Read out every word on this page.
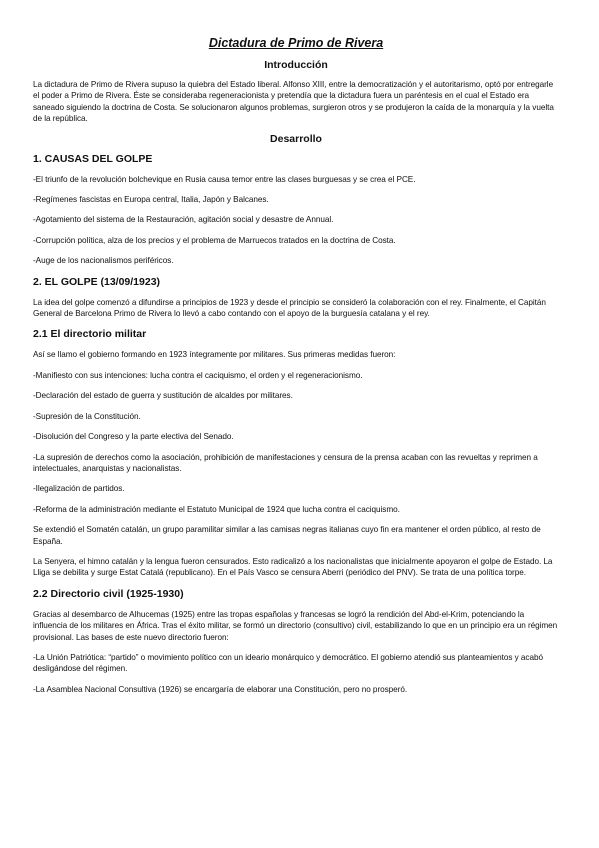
Dictadura de Primo de Rivera
Introducción

La dictadura de Primo de Rivera supuso la quiebra del Estado liberal. Alfonso XIII, entre la democratización y el autoritarismo, optó por entregarle el poder a Primo de Rivera. Éste se consideraba regeneracionista y pretendía que la dictadura fuera un paréntesis en el cual el Estado era saneado siguiendo la doctrina de Costa. Se solucionaron algunos problemas, surgieron otros y se produjeron la caída de la monarquía y la vuelta de la república.

Desarrollo
1. CAUSAS DEL GOLPE

-El triunfo de la revolución bolchevique en Rusia causa temor entre las clases burguesas y se crea el PCE.

-Regímenes fascistas en Europa central, Italia, Japón y Balcanes.

-Agotamiento del sistema de la Restauración, agitación social y desastre de Annual.

-Corrupción política, alza de los precios y el problema de Marruecos tratados en la doctrina de Costa.

-Auge de los nacionalismos periféricos.

2. EL GOLPE (13/09/1923)

La idea del golpe comenzó a difundirse a principios de 1923 y desde el principio se consideró la colaboración con el rey. Finalmente, el Capitán General de Barcelona Primo de Rivera lo llevó a cabo contando con el apoyo de la burguesía catalana y el rey.

2.1 El directorio militar

Así se llamo el gobierno formando en 1923 íntegramente por militares. Sus primeras medidas fueron:

-Manifiesto con sus intenciones: lucha contra el caciquismo, el orden y el regeneracionismo.

-Declaración del estado de guerra y sustitución de alcaldes por militares.

-Supresión de la Constitución.

-Disolución del Congreso y la parte electiva del Senado.

-La supresión de derechos como la asociación, prohibición de manifestaciones y censura de la prensa acaban con las revueltas y reprimen a intelectuales, anarquistas y nacionalistas.

-Ilegalización de partidos.

-Reforma de la administración mediante el Estatuto Municipal de 1924 que lucha contra el caciquismo.

Se extendió el Somatén catalán, un grupo paramilitar similar a las camisas negras italianas cuyo fin era mantener el orden público, al resto de España.

La Senyera, el himno catalán y la lengua fueron censurados. Esto radicalizó a los nacionalistas que inicialmente apoyaron el golpe de Estado. La Lliga se debilita y surge Estat Catalá (republicano). En el País Vasco se censura Aberri (periódico del PNV). Se trata de una política torpe.

2.2 Directorio civil (1925-1930)

Gracias al desembarco de Alhucemas (1925) entre las tropas españolas y francesas se logró la rendición del Abd-el-Krim, potenciando la influencia de los militares en África. Tras el éxito militar, se formó un directorio (consultivo) civil, estabilizando lo que en un principio era un régimen provisional. Las bases de este nuevo directorio fueron:

-La Unión Patriótica: “partido” o movimiento político con un ideario monárquico y democrático. El gobierno atendió sus planteamientos y acabó desligándose del régimen.

-La Asamblea Nacional Consultiva (1926) se encargaría de elaborar una Constitución, pero no prosperó.
